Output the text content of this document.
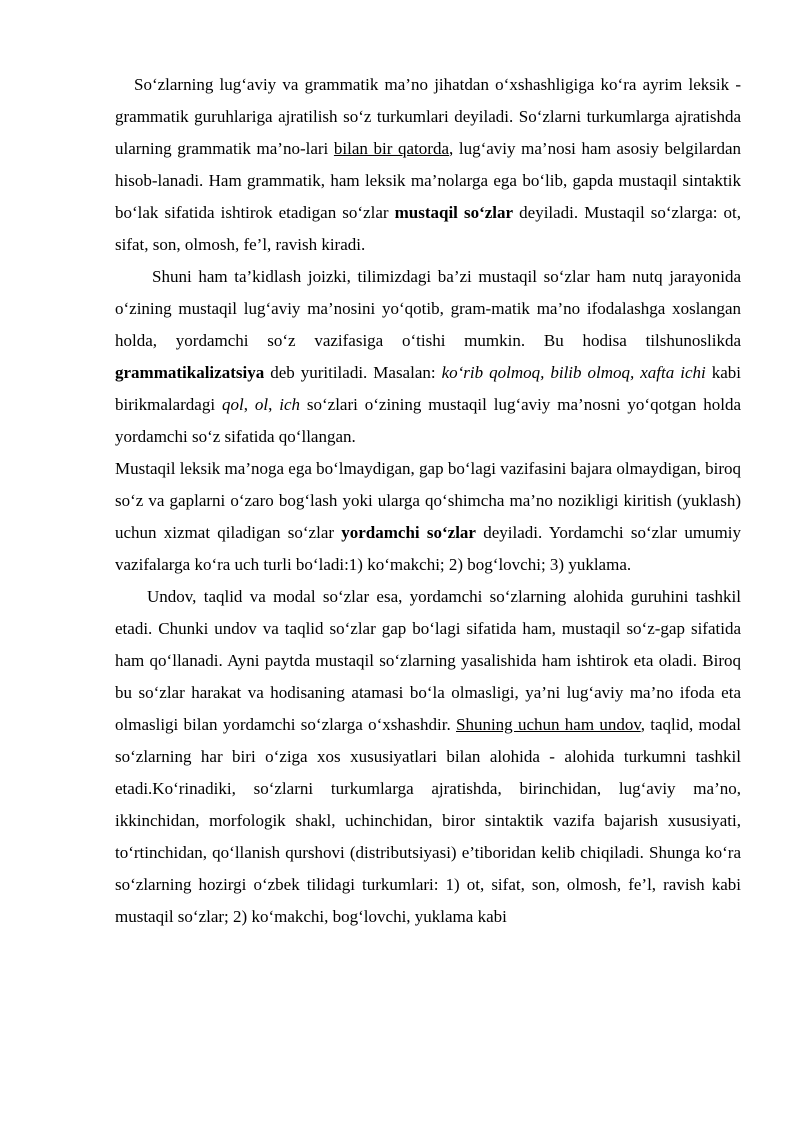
So‘zlarning lug‘aviy va grammatik ma’no jihatdan o‘xshashligiga ko‘ra ayrim leksik - grammatik guruhlariga ajratilish so‘z turkumlari deyiladi. So‘zlarni turkumlarga ajratishda ularning grammatik ma’no-lari bilan bir qatorda, lug‘aviy ma’nosi ham asosiy belgilardan hisob-lanadi. Ham grammatik, ham leksik ma’nolarga ega bo‘lib, gapda mustaqil sintaktik bo‘lak sifatida ishtirok etadigan so‘zlar mustaqil so‘zlar deyiladi. Mustaqil so‘zlarga: ot, sifat, son, olmosh, fe’l, ravish kiradi.

Shuni ham ta’kidlash joizki, tilimizdagi ba’zi mustaqil so‘zlar ham nutq jarayonida o‘zining mustaqil lug‘aviy ma’nosini yo‘qotib, gram-matik ma’no ifodalashga xoslangan holda, yordamchi so‘z vazifasiga o‘tishi mumkin. Bu hodisa tilshunoslikda grammatikalizatsiya deb yuritiladi. Masalan: ko‘rib qolmoq, bilib olmoq, xafta ichi kabi birikmalardagi qol, ol, ich so‘zlari o‘zining mustaqil lug‘aviy ma’nosni yo‘qotgan holda yordamchi so‘z sifatida qo‘llangan.

Mustaqil leksik ma’noga ega bo‘lmaydigan, gap bo‘lagi vazifasini bajara olmaydigan, biroq so‘z va gaplarni o‘zaro bog‘lash yoki ularga qo‘shimcha ma’no nozikligi kiritish (yuklash) uchun xizmat qiladigan so‘zlar yordamchi so‘zlar deyiladi. Yordamchi so‘zlar umumiy vazifalarga ko‘ra uch turli bo‘ladi:1) ko‘makchi; 2) bog‘lovchi; 3) yuklama.

Undov, taqlid va modal so‘zlar esa, yordamchi so‘zlarning alohida guruhini tashkil etadi. Chunki undov va taqlid so‘zlar gap bo‘lagi sifatida ham, mustaqil so‘z-gap sifatida ham qo‘llanadi. Ayni paytda mustaqil so‘zlarning yasalishida ham ishtirok eta oladi. Biroq bu so‘zlar harakat va hodisaning atamasi bo‘la olmasligi, ya’ni lug‘aviy ma’no ifoda eta olmasligi bilan yordamchi so‘zlarga o‘xshashdir. Shuning uchun ham undov, taqlid, modal so‘zlarning har biri o‘ziga xos xususiyatlari bilan alohida - alohida turkumni tashkil etadi.Ko‘rinadiki, so‘zlarni turkumlarga ajratishda, birinchidan, lug‘aviy ma’no, ikkinchidan, morfologik shakl, uchinchidan, biror sintaktik vazifa bajarish xususiyati, to‘rtinchidan, qo‘llanish qurshovi (distributsiyasi) e’tiboridan kelib chiqiladi. Shunga ko‘ra so‘zlarning hozirgi o‘zbek tilidagi turkumlari: 1) ot, sifat, son, olmosh, fe’l, ravish kabi mustaqil so‘zlar; 2) ko‘makchi, bog‘lovchi, yuklama kabi
